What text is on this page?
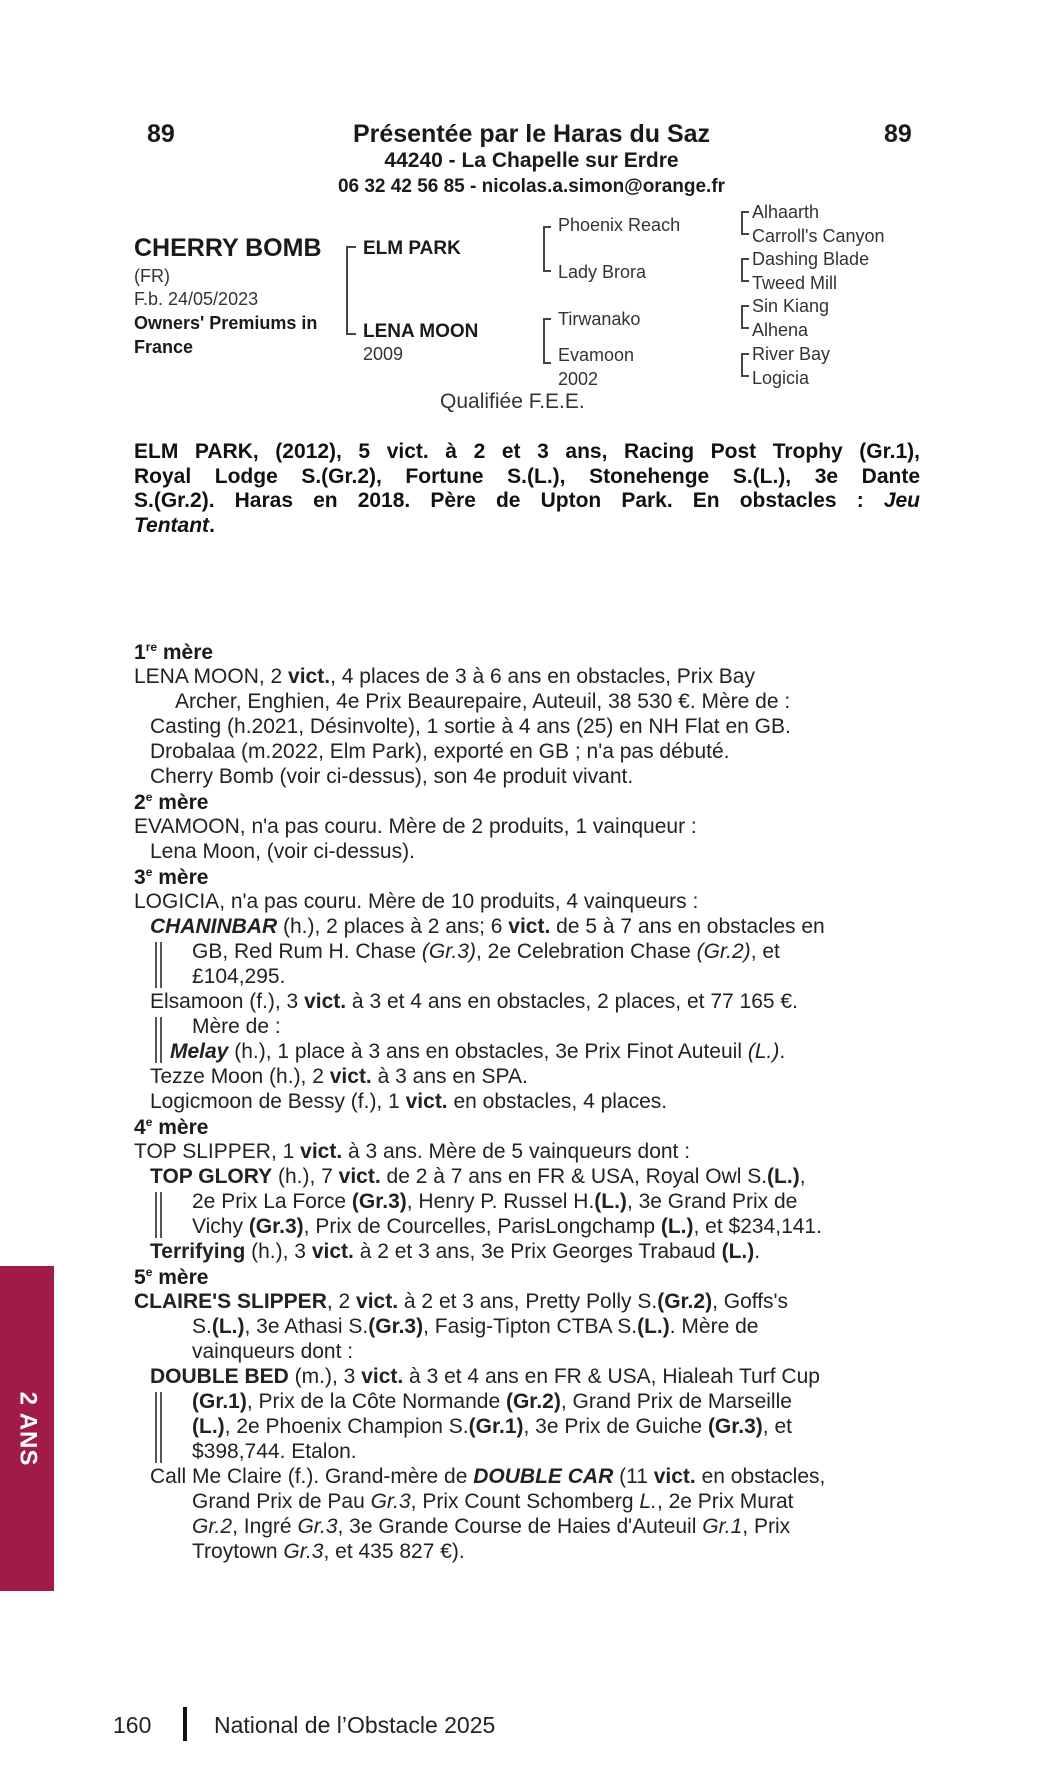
89	89
Présentée par le Haras du Saz
44240 - La Chapelle sur Erdre
06 32 42 56 85 - nicolas.a.simon@orange.fr
CHERRY BOMB
(FR)
F.b. 24/05/2023
Owners' Premiums in
France
ELM PARK
LENA MOON
2009
Phoenix Reach
Lady Brora
Tirwanako
Evamoon
2002
Alhaarth
Carroll's Canyon
Dashing Blade
Tweed Mill
Sin Kiang
Alhena
River Bay
Logicia
Qualifiée F.E.E.
ELM PARK, (2012), 5 vict. à 2 et 3 ans, Racing Post Trophy (Gr.1),
Royal Lodge S.(Gr.2), Fortune S.(L.), Stonehenge S.(L.), 3e Dante
S.(Gr.2). Haras en 2018. Père de Upton Park. En obstacles : Jeu
Tentant.
1re mère
LENA MOON, 2 vict., 4 places de 3 à 6 ans en obstacles, Prix Bay
Archer, Enghien, 4e Prix Beaurepaire, Auteuil, 38 530 €. Mère de :
Casting (h.2021, Désinvolte), 1 sortie à 4 ans (25) en NH Flat en GB.
Drobalaa (m.2022, Elm Park), exporté en GB ; n'a pas débuté.
Cherry Bomb (voir ci-dessus), son 4e produit vivant.
2e mère
EVAMOON, n'a pas couru. Mère de 2 produits, 1 vainqueur :
Lena Moon, (voir ci-dessus).
3e mère
LOGICIA, n'a pas couru. Mère de 10 produits, 4 vainqueurs :
CHANINBAR (h.), 2 places à 2 ans; 6 vict. de 5 à 7 ans en obstacles en
GB, Red Rum H. Chase (Gr.3), 2e Celebration Chase (Gr.2), et
£104,295.
Elsamoon (f.), 3 vict. à 3 et 4 ans en obstacles, 2 places, et 77 165 €.
Mère de :
Melay (h.), 1 place à 3 ans en obstacles, 3e Prix Finot Auteuil (L.).
Tezze Moon (h.), 2 vict. à 3 ans en SPA.
Logicmoon de Bessy (f.), 1 vict. en obstacles, 4 places.
4e mère
TOP SLIPPER, 1 vict. à 3 ans. Mère de 5 vainqueurs dont :
TOP GLORY (h.), 7 vict. de 2 à 7 ans en FR & USA, Royal Owl S.(L.),
2e Prix La Force (Gr.3), Henry P. Russel H.(L.), 3e Grand Prix de
Vichy (Gr.3), Prix de Courcelles, ParisLongchamp (L.), et $234,141.
Terrifying (h.), 3 vict. à 2 et 3 ans, 3e Prix Georges Trabaud (L.).
5e mère
CLAIRE'S SLIPPER, 2 vict. à 2 et 3 ans, Pretty Polly S.(Gr.2), Goffs's
S.(L.), 3e Athasi S.(Gr.3), Fasig-Tipton CTBA S.(L.). Mère de
vainqueurs dont :
DOUBLE BED (m.), 3 vict. à 3 et 4 ans en FR & USA, Hialeah Turf Cup
(Gr.1), Prix de la Côte Normande (Gr.2), Grand Prix de Marseille
(L.), 2e Phoenix Champion S.(Gr.1), 3e Prix de Guiche (Gr.3), et
$398,744. Etalon.
Call Me Claire (f.). Grand-mère de DOUBLE CAR (11 vict. en obstacles,
Grand Prix de Pau Gr.3, Prix Count Schomberg L., 2e Prix Murat
Gr.2, Ingré Gr.3, 3e Grande Course de Haies d'Auteuil Gr.1, Prix
Troytown Gr.3, et 435 827 €).
2 ANS
160	National de l’Obstacle 2025
